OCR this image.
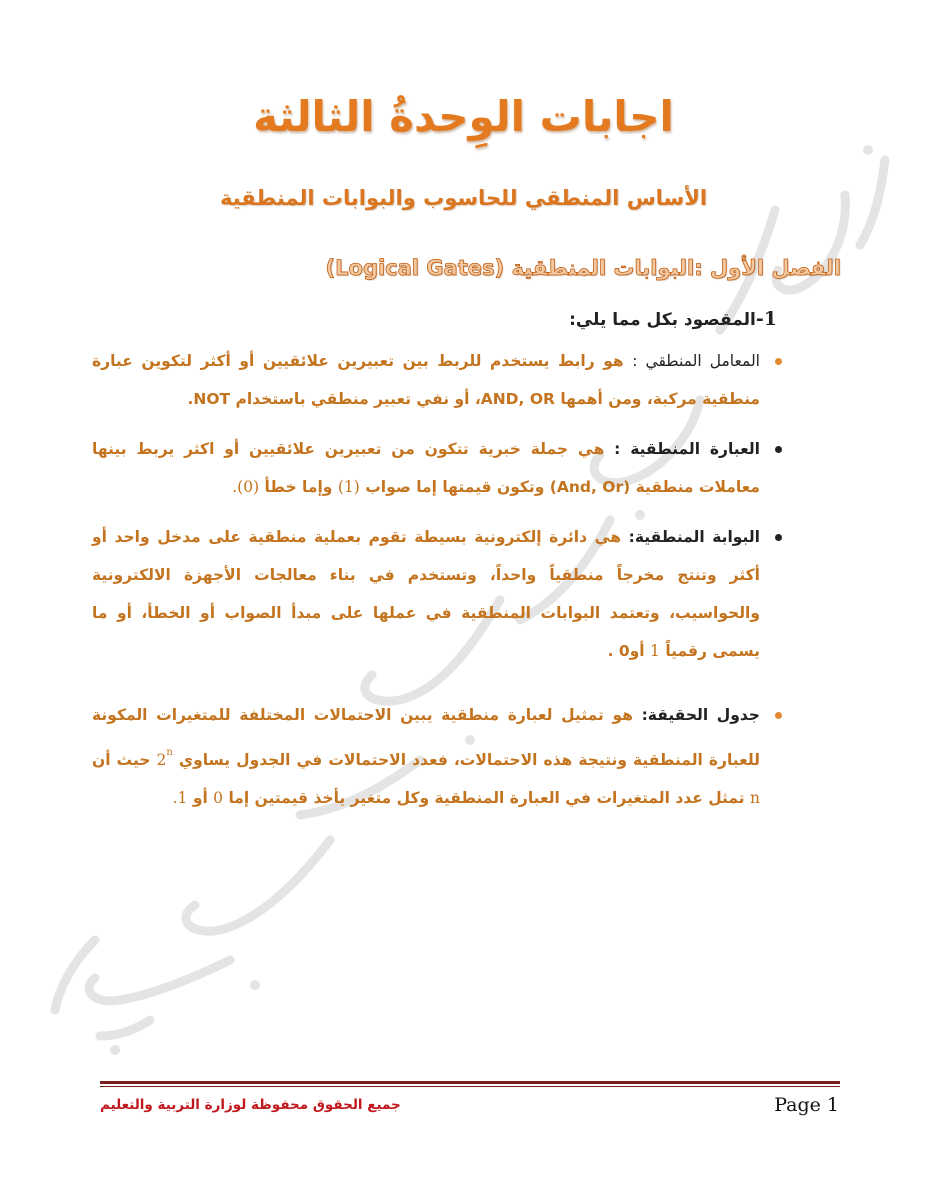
اجابات الوِحدةُ الثالثة
الأساس المنطقي للحاسوب والبوابات المنطقية
الفصل الأول :البوابات المنطقية (Logical Gates)
1-المقصود بكل مما يلي:
المعامل المنطقي : هو رابط يستخدم للربط بين تعبيرين علائقيين أو أكثر لتكوين عبارة منطقية مركبة، ومن أهمها AND, OR، أو نفي تعبير منطقي باستخدام NOT.
العبارة المنطقية : هي جملة خبرية تتكون من تعبيرين علائقيين أو اكثر يربط بينها معاملات منطقية (And, Or) وتكون قيمتها إما صواب (1) وإما خطأ (0).
البوابة المنطقية: هي دائرة إلكترونية بسيطة تقوم بعملية منطقية على مدخل واحد أو أكثر وتنتج مخرجاً منطقياً واحداً، وتستخدم في بناء معالجات الأجهزة الالكترونية والحواسيب، وتعتمد البوابات المنطقية في عملها على مبدأ الصواب أو الخطأ، أو ما يسمى رقمياً 1 أو0 .
جدول الحقيقة: هو تمثيل لعبارة منطقية يبين الاحتمالات المختلفة للمتغيرات المكونة للعبارة المنطقية ونتيجة هذه الاحتمالات، فعدد الاحتمالات في الجدول يساوي 2$^n$ حيث أن n تمثل عدد المتغيرات في العبارة المنطقية وكل متغير يأخذ قيمتين إما 0 أو 1.
Page 1
جميع الحقوق محفوظة لوزارة التربية والتعليم
